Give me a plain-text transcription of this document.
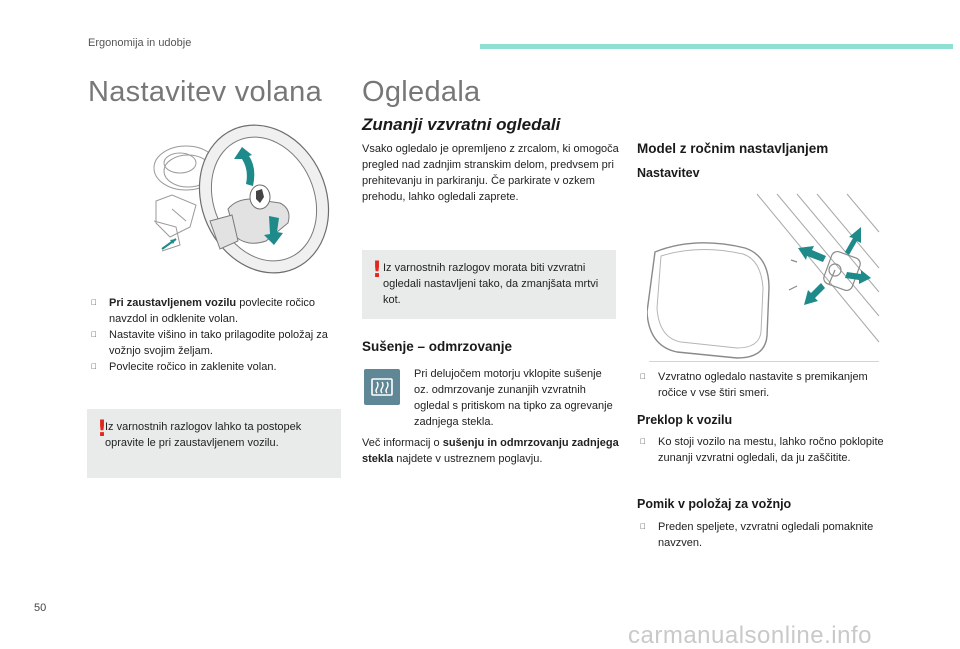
Ergonomija in udobje
Nastavitev volana
Pri zaustavljenem vozilu povlecite ročico navzdol in odklenite volan.
Nastavite višino in tako prilagodite položaj za vožnjo svojim željam.
Povlecite ročico in zaklenite volan.
!
Iz varnostnih razlogov lahko ta postopek opravite le pri zaustavljenem vozilu.
Ogledala
Zunanji vzvratni ogledali
Vsako ogledalo je opremljeno z zrcalom, ki omogoča pregled nad zadnjim stranskim delom, predvsem pri prehitevanju in parkiranju. Če parkirate v ozkem prehodu, lahko ogledali zaprete.
! Iz varnostnih razlogov morata biti vzvratni ogledali nastavljeni tako, da zmanjšata mrtvi kot.
Sušenje – odmrzovanje
Pri delujočem motorju vklopite sušenje oz. odmrzovanje zunanjih vzvratnih ogledal s pritiskom na tipko za ogrevanje zadnjega stekla.
Več informacij o sušenju in odmrzovanju zadnjega stekla najdete v ustreznem poglavju.
Model z ročnim nastavljanjem
Nastavitev
Vzvratno ogledalo nastavite s premikanjem ročice v vse štiri smeri.
Preklop k vozilu
Ko stoji vozilo na mestu, lahko ročno poklopite zunanji vzvratni ogledali, da ju zaščitite.
Pomik v položaj za vožnjo
Preden speljete, vzvratni ogledali pomaknite navzven.
50
carmanualsonline.info
